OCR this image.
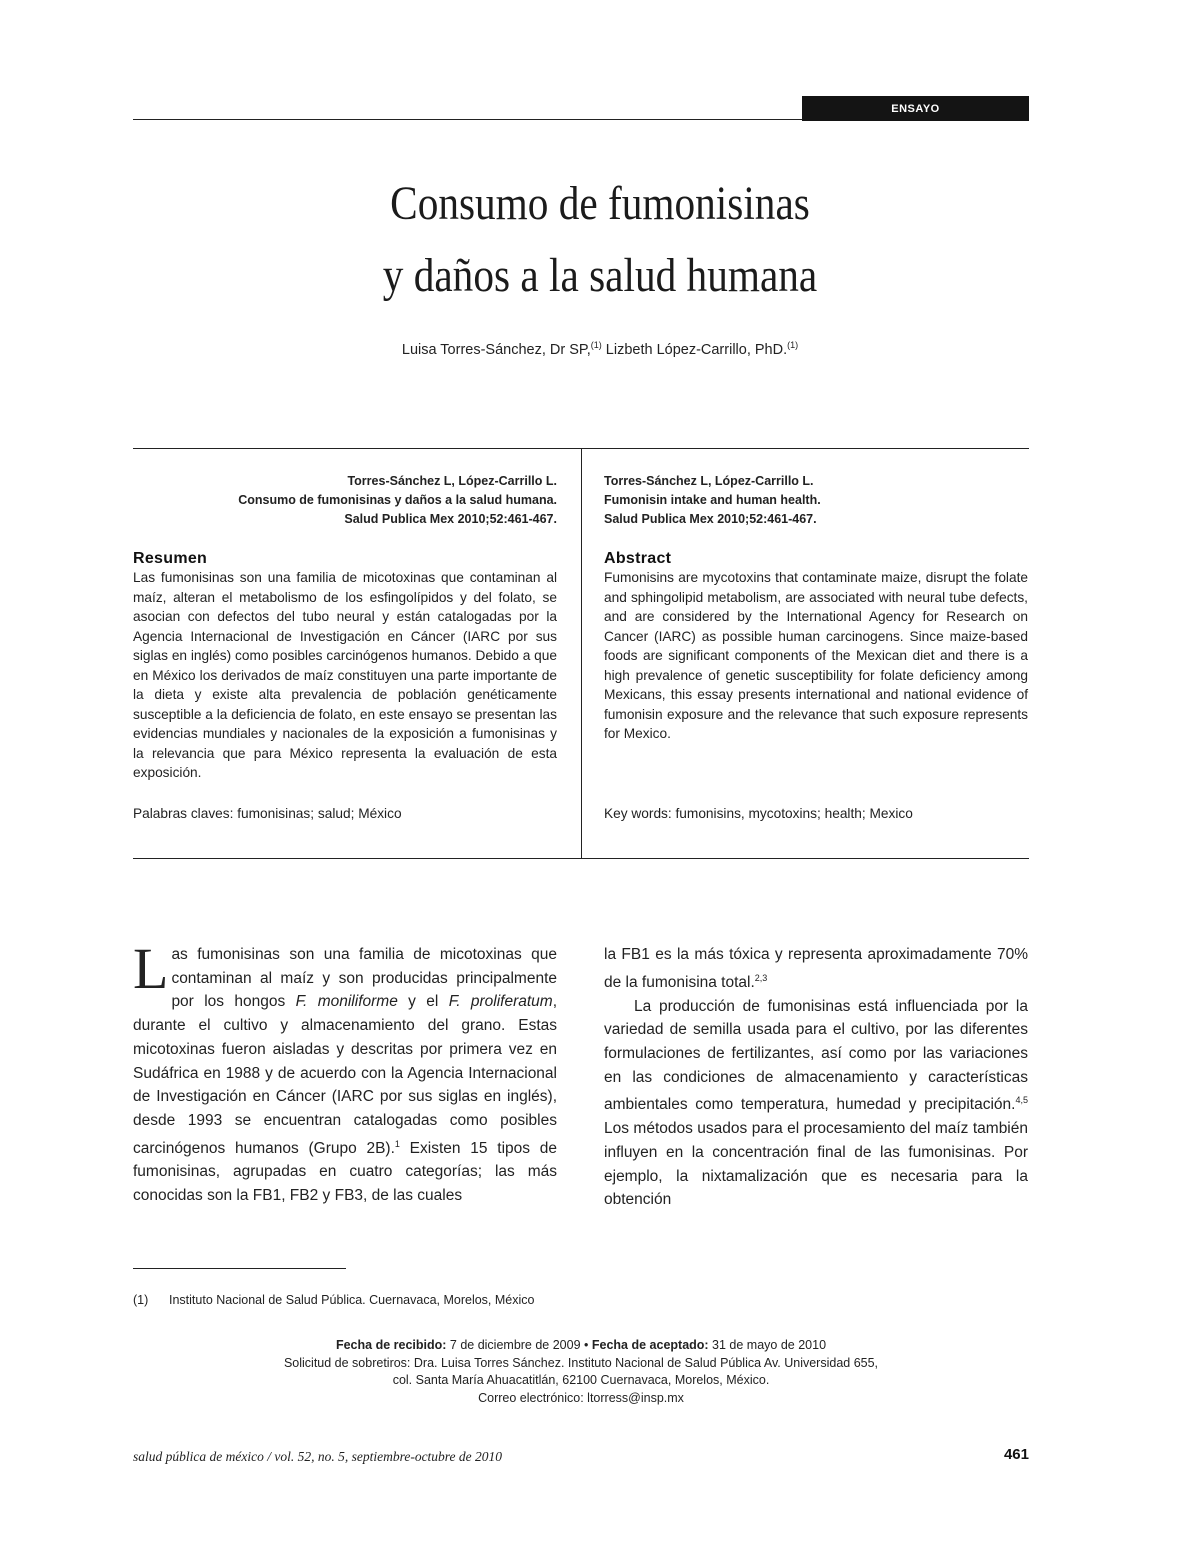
ENSAYO
Consumo de fumonisinas
y daños a la salud humana
Luisa Torres-Sánchez, Dr SP,$^{(1)}$ Lizbeth López-Carrillo, PhD.$^{(1)}$
Torres-Sánchez L, López-Carrillo L.
Consumo de fumonisinas y daños a la salud humana.
Salud Publica Mex 2010;52:461-467.
Torres-Sánchez L, López-Carrillo L.
Fumonisin intake and human health.
Salud Publica Mex 2010;52:461-467.
Resumen
Las fumonisinas son una familia de micotoxinas que contaminan al maíz, alteran el metabolismo de los esfingolípidos y del folato, se asocian con defectos del tubo neural y están catalogadas por la Agencia Internacional de Investigación en Cáncer (IARC por sus siglas en inglés) como posibles carcinógenos humanos. Debido a que en México los derivados de maíz constituyen una parte importante de la dieta y existe alta prevalencia de población genéticamente susceptible a la deficiencia de folato, en este ensayo se presentan las evidencias mundiales y nacionales de la exposición a fumonisinas y la relevancia que para México representa la evaluación de esta exposición.
Palabras claves: fumonisinas; salud; México
Abstract
Fumonisins are mycotoxins that contaminate maize, disrupt the folate and sphingolipid metabolism, are associated with neural tube defects, and are considered by the International Agency for Research on Cancer (IARC) as possible human carcinogens. Since maize-based foods are significant components of the Mexican diet and there is a high prevalence of genetic susceptibility for folate deficiency among Mexicans, this essay presents international and national evidence of fumonisin exposure and the relevance that such exposure represents for Mexico.
Key words: fumonisins, mycotoxins; health; Mexico
Las fumonisinas son una familia de micotoxinas que contaminan al maíz y son producidas principalmente por los hongos F. moniliforme y el F. proliferatum, durante el cultivo y almacenamiento del grano. Estas micotoxinas fueron aisladas y descritas por primera vez en Sudáfrica en 1988 y de acuerdo con la Agencia Internacional de Investigación en Cáncer (IARC por sus siglas en inglés), desde 1993 se encuentran catalogadas como posibles carcinógenos humanos (Grupo 2B).$^1$ Existen 15 tipos de fumonisinas, agrupadas en cuatro categorías; las más conocidas son la FB1, FB2 y FB3, de las cuales
la FB1 es la más tóxica y representa aproximadamente 70% de la fumonisina total.$^{2,3}$
La producción de fumonisinas está influenciada por la variedad de semilla usada para el cultivo, por las diferentes formulaciones de fertilizantes, así como por las variaciones en las condiciones de almacenamiento y características ambientales como temperatura, humedad y precipitación.$^{4,5}$ Los métodos usados para el procesamiento del maíz también influyen en la concentración final de las fumonisinas. Por ejemplo, la nixtamalización que es necesaria para la obtención
(1) Instituto Nacional de Salud Pública. Cuernavaca, Morelos, México
Fecha de recibido: 7 de diciembre de 2009 • Fecha de aceptado: 31 de mayo de 2010
Solicitud de sobretiros: Dra. Luisa Torres Sánchez. Instituto Nacional de Salud Pública Av. Universidad 655,
col. Santa María Ahuacatitlán, 62100 Cuernavaca, Morelos, México.
Correo electrónico: ltorress@insp.mx
salud pública de méxico / vol. 52, no. 5, septiembre-octubre de 2010	461
